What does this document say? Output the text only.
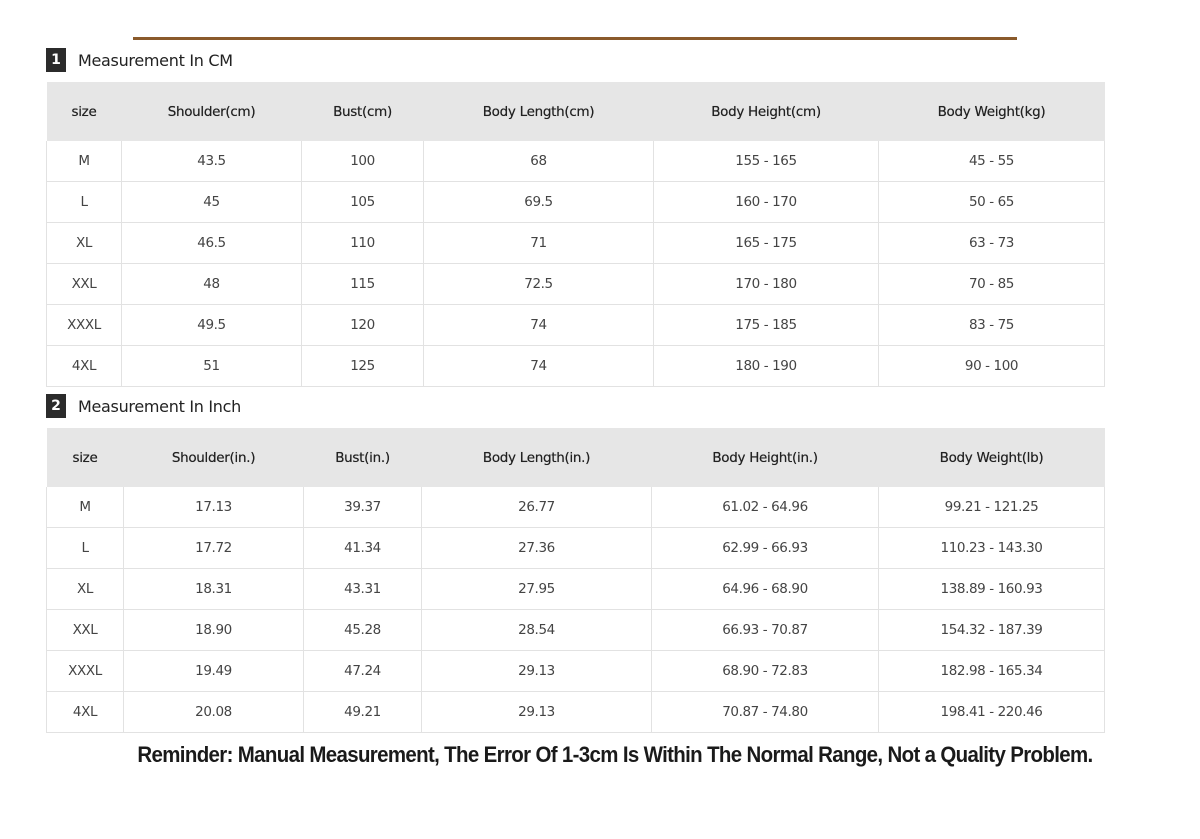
1	Measurement In CM
size	Shoulder(cm)	Bust(cm)	Body Length(cm)	Body Height(cm)	Body Weight(kg)
M	43.5	100	68	155 - 165	45 - 55
L	45	105	69.5	160 - 170	50 - 65
XL	46.5	110	71	165 - 175	63 - 73
XXL	48	115	72.5	170 - 180	70 - 85
XXXL	49.5	120	74	175 - 185	83 - 75
4XL	51	125	74	180 - 190	90 - 100
2	Measurement In Inch
size	Shoulder(in.)	Bust(in.)	Body Length(in.)	Body Height(in.)	Body Weight(lb)
M	17.13	39.37	26.77	61.02 - 64.96	99.21 - 121.25
L	17.72	41.34	27.36	62.99 - 66.93	110.23 - 143.30
XL	18.31	43.31	27.95	64.96 - 68.90	138.89 - 160.93
XXL	18.90	45.28	28.54	66.93 - 70.87	154.32 - 187.39
XXXL	19.49	47.24	29.13	68.90 - 72.83	182.98 - 165.34
4XL	20.08	49.21	29.13	70.87 - 74.80	198.41 - 220.46
Reminder: Manual Measurement, The Error Of 1-3cm Is Within The Normal Range, Not a Quality Problem.
